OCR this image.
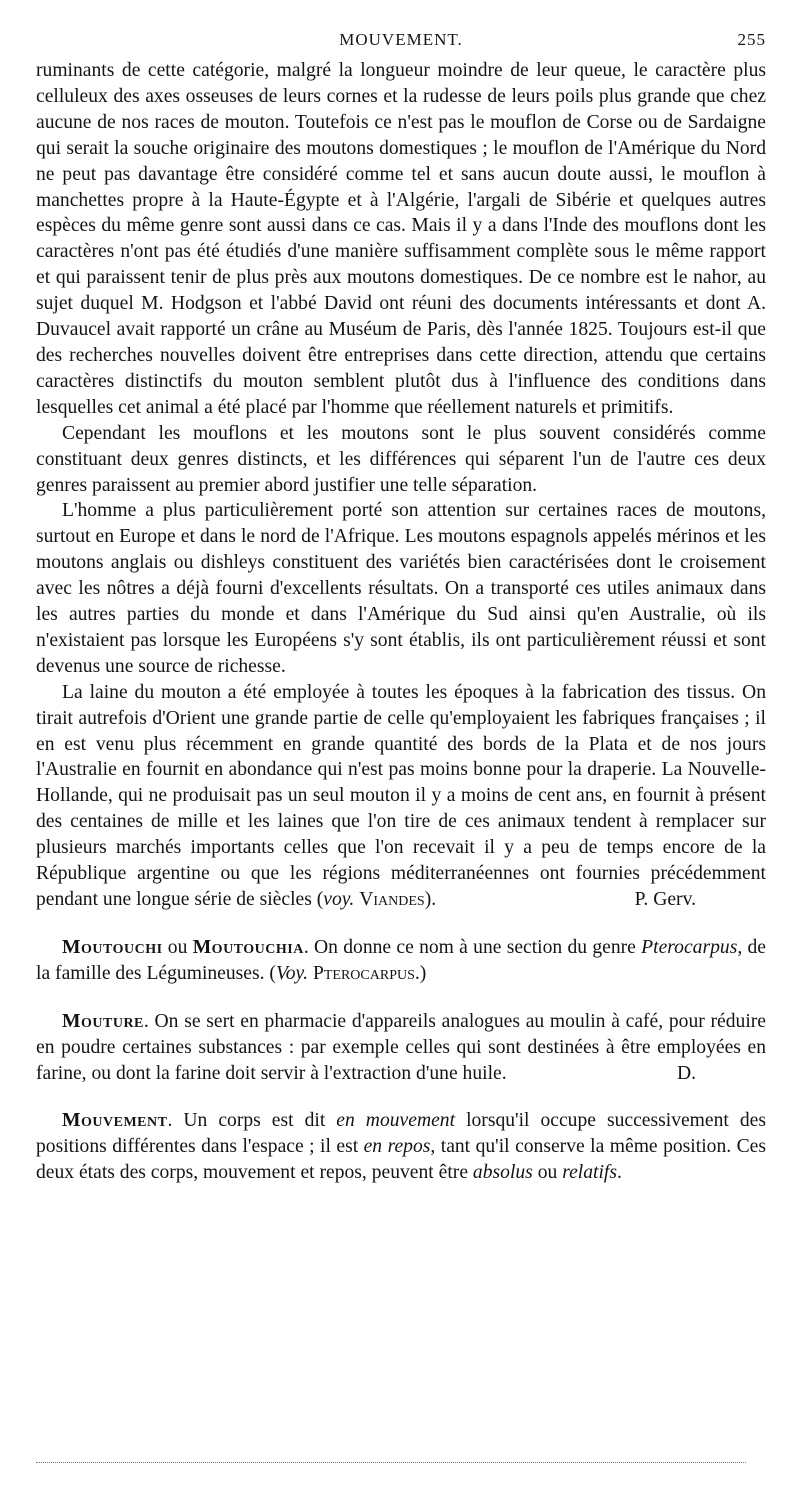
MOUVEMENT.	255

ruminants de cette catégorie, malgré la longueur moindre de leur queue, le caractère plus celluleux des axes osseuses de leurs cornes et la rudesse de leurs poils plus grande que chez aucune de nos races de mouton. Toutefois ce n'est pas le mouflon de Corse ou de Sardaigne qui serait la souche originaire des moutons domestiques ; le mouflon de l'Amérique du Nord ne peut pas davantage être considéré comme tel et sans aucun doute aussi, le mouflon à manchettes propre à la Haute-Égypte et à l'Algérie, l'argali de Sibérie et quelques autres espèces du même genre sont aussi dans ce cas. Mais il y a dans l'Inde des mouflons dont les caractères n'ont pas été étudiés d'une manière suffisamment complète sous le même rapport et qui paraissent tenir de plus près aux moutons domestiques. De ce nombre est le nahor, au sujet duquel M. Hodgson et l'abbé David ont réuni des documents intéressants et dont A. Duvaucel avait rapporté un crâne au Muséum de Paris, dès l'année 1825. Toujours est-il que des recherches nouvelles doivent être entreprises dans cette direction, attendu que certains caractères distinctifs du mouton semblent plutôt dus à l'influence des conditions dans lesquelles cet animal a été placé par l'homme que réellement naturels et primitifs.

Cependant les mouflons et les moutons sont le plus souvent considérés comme constituant deux genres distincts, et les différences qui séparent l'un de l'autre ces deux genres paraissent au premier abord justifier une telle séparation.

L'homme a plus particulièrement porté son attention sur certaines races de moutons, surtout en Europe et dans le nord de l'Afrique. Les moutons espagnols appelés mérinos et les moutons anglais ou dishleys constituent des variétés bien caractérisées dont le croisement avec les nôtres a déjà fourni d'excellents résultats. On a transporté ces utiles animaux dans les autres parties du monde et dans l'Amérique du Sud ainsi qu'en Australie, où ils n'existaient pas lorsque les Européens s'y sont établis, ils ont particulièrement réussi et sont devenus une source de richesse.

La laine du mouton a été employée à toutes les époques à la fabrication des tissus. On tirait autrefois d'Orient une grande partie de celle qu'employaient les fabriques françaises ; il en est venu plus récemment en grande quantité des bords de la Plata et de nos jours l'Australie en fournit en abondance qui n'est pas moins bonne pour la draperie. La Nouvelle-Hollande, qui ne produisait pas un seul mouton il y a moins de cent ans, en fournit à présent des centaines de mille et les laines que l'on tire de ces animaux tendent à remplacer sur plusieurs marchés importants celles que l'on recevait il y a peu de temps encore de la République argentine ou que les régions méditerranéennes ont fournies précédemment pendant une longue série de siècles (voy. Viandes).	P. Gerv.

Moutouchi ou Moutouchia. On donne ce nom à une section du genre Pterocarpus, de la famille des Légumineuses. (Voy. Pterocarpus.)

Mouture. On se sert en pharmacie d'appareils analogues au moulin à café, pour réduire en poudre certaines substances : par exemple celles qui sont destinées à être employées en farine, ou dont la farine doit servir à l'extraction d'une huile.	D.

Mouvement. Un corps est dit en mouvement lorsqu'il occupe successivement des positions différentes dans l'espace ; il est en repos, tant qu'il conserve la même position. Ces deux états des corps, mouvement et repos, peuvent être absolus ou relatifs.
